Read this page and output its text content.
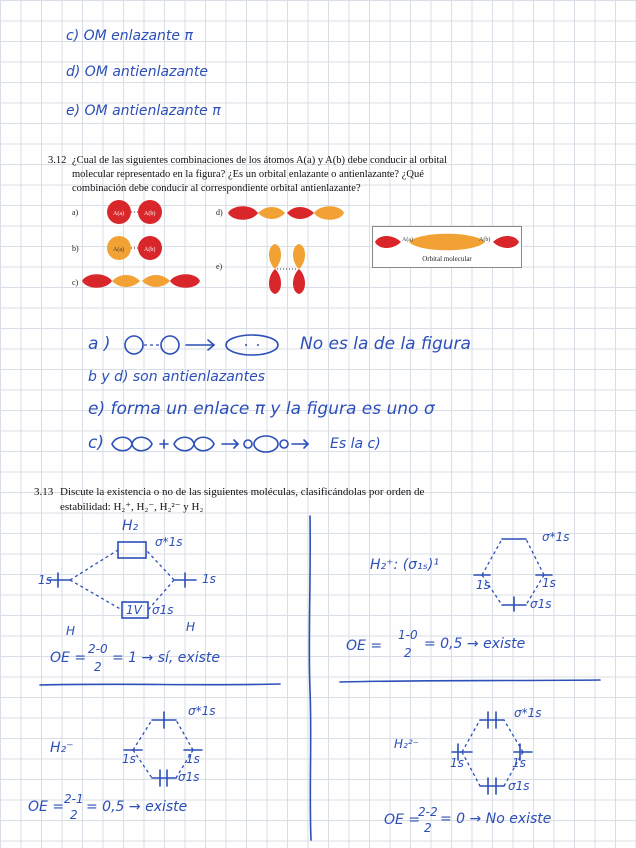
c) OM enlazante π
d) OM antienlazante
e) OM antienlazante π
3.12 ¿Cual de las siguientes combinaciones de los átomos A(a) y A(b) debe conducir al orbital
molecular representado en la figura? ¿Es un orbital enlazante o antienlazante? ¿Qué
combinación debe conducir al correspondiente orbital antienlazante?
a)
b)
c)
d)
e)
A(a)	A(b)
A(a)	A(b)
A(a)	A(b)
Orbital molecular
a )	No es la de la figura
b y d) son antienlazantes
e) forma un enlace π y la figura es uno σ
c)	Es la c)
3.13 Discute la existencia o no de las siguientes moléculas, clasificándolas por orden de
estabilidad: H₂⁺, H₂⁻, H₂²⁻ y H₂
H₂
1s	1s
σ*1s
σ1s
1V
H	H
OE =
2-0
2
= 1 → sí, existe
H₂⁺: (σ₁ₛ)¹
σ*1s
σ1s
1s	1s
OE =
1-0
2
= 0,5 → existe
H₂⁻
σ*1s
σ1s
1s	1s
OE = 2-1
2 = 0,5 → existe
H₂²⁻
σ*1s
σ1s
1s	1s
OE =
2-2
2
= 0 → No existe
